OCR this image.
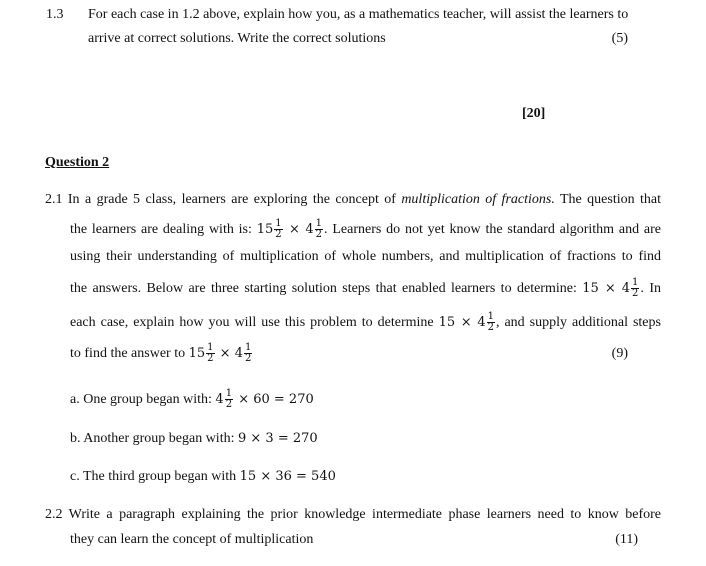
1.3 For each case in 1.2 above, explain how you, as a mathematics teacher, will assist the learners to
arrive at correct solutions. Write the correct solutions	(5)
[20]
Question 2
2.1 In a grade 5 class, learners are exploring the concept of multiplication of fractions. The question that
the learners are dealing with is: $15 \frac{1}{2} \times 4 \frac{1}{2}$ . Learners do not yet know the standard algorithm and are
using their understanding of multiplication of whole numbers, and multiplication of fractions to find
the answers. Below are three starting solution steps that enabled learners to determine: $15 \times 4 \frac{1}{2}$ . In
each case, explain how you will use this problem to determine $15 \times 4 \frac{1}{2}$ , and supply additional steps
to find the answer to $15 \frac{1}{2} \times 4 \frac{1}{2}$	(9)
a. One group began with: $4 \frac{1}{2} \times 60 = 270$
b. Another group began with: 9 × 3 = 270
c. The third group began with 15 × 36 = 540
2.2 Write a paragraph explaining the prior knowledge intermediate phase learners need to know before
they can learn the concept of multiplication	(11)
